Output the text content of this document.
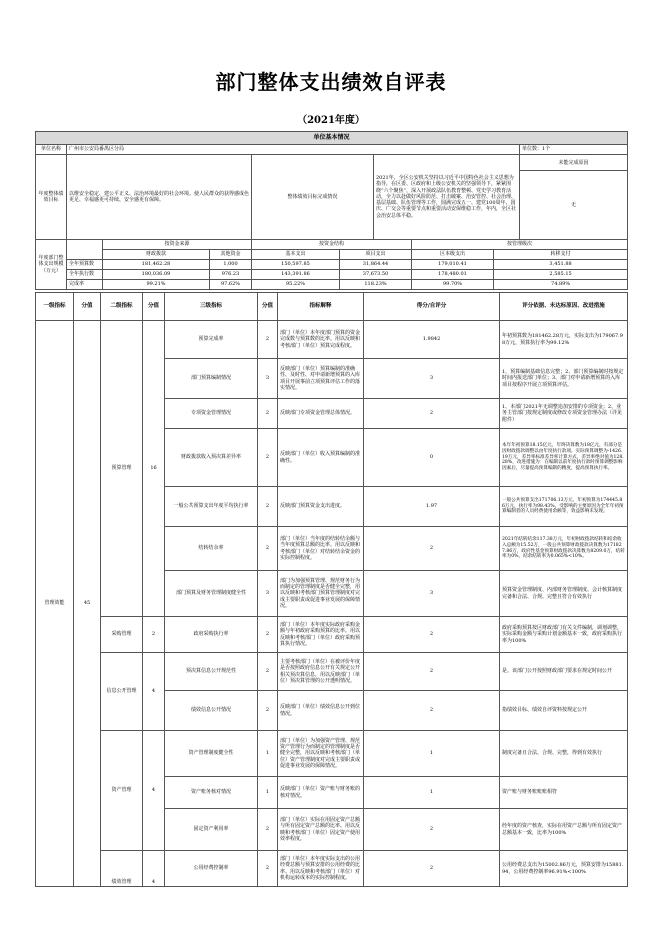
部门整体支出绩效自评表
（2021年度）
单位基本情况									
单位名称	广州市公安局番禺区分局								单位数：1个
年度整体绩效目标	以维安全稳定、建公平正义、法治环境最好的社会环境。使人民群众的获得感成色更足、幸福感更可持续、安全感更有保障。			整体绩效目标完成情况		2021年，全区公安机关坚持以习近平中国特色社会主义思想为指导，在区委、区政府和上级公安机关的坚强领导下，紧紧围绕“六个聚焦”，深入开展政法队伍教育整顿、党史学习教育活动，全力以赴做好风险防范、打击破案、治安管控、社会治理、基层基础、队伍管理等工作，圆满完成五一、建党100周年、国庆、广交会等重要节点和重要活动安保维稳工作，年内，全区社会治安总体平稳。			未能完成原因
无

年度部门整体支出规模（万元）		按资金来源		按资金结构			按管理级次		
		财政拨款	其他资金	基本支出	项目支出		区本级支出	转移支付	
	全年预算数	181,462.28	1,000	150,597.85	31,864.44		179,010.41	3,451.88	
	全年执行数	180,036.09	976.23	143,391.86	37,673.50		178,480.01	2,585.15	
	完成率	99.21%	97.62%	95.22%	118.23%		99.70%	74.89%	
一级指标	分值	二级指标	分值	三级指标	分值	指标解释	得分/自评分	评分依据、未达标原因、改进措施
管理效能	45	预算管理	16	预算完成率	2	部门（单位）本年度部门预算的资金完成数与预算数的比率。用以反映和考核部门（单位）预算完成程度。	1.9842	年初预算数为181462.28万元，实际支出为179067.98万元，预算执行率为99.12%
				部门预算编制情况	3	反映部门（单位）预算编制的准确性、及时性、对申请新增预算的入库项目开展事前立项预算评估工作的落实情况。	3	1、预算编制基础信息完整；2、部门预算编制时按规定时间内报送部门单位；3、部门对申请新增预算的入库项目按程序开展立项预算评估。
				专项资金管理情况	2	反映部门专项资金管理总体情况。	2	1、本部门2021年无调整追加安排的专项资金；2、业务主管部门按规定制度或修改专项资金管理办法（详见附件）
				财政拨款收入预决算差异率	2	反映部门（单位）收入预算编制的准确性。	0	本年年初预算18.15亿元，年终决算数为18亿元，有部分是因财政拨款调整以由年度执行款项。实际预算调整为-1426.19万元，差异率标准差异率计算方式，差异率绝对值为128.28%，改进措施为：在编制以前年度执行款时预算调整影响因素后，尽量提高预算编制的精度，提高预算执行率。
				一般公共预算支出年度平均执行率	2	反映部门预算资金支出进度。	1.97	一般公共预算支出171706.13万元，年初预算为174445.86万元，执行率为98.43%，受影响的主要原因为全年年初预算编制者的人员经费使用余额等，效益影响未发现。
				结转结余率	2	部门（单位）当年度的结转结余额与当年度预算总额的比率。用以反映和考核部门（单位）对结转结余资金的实际控制程度。	2	2021年结转结余117.38万元，年初财政拨款结转和结余收入总额为15.52万，一般公共预算财政拨款决算数为171827.86万，政府性基金预算财政拨款决算数为8209.0万，结转率为0%，结余结转率为0.065%<10%。
				部门预算及财务管理制度健全性	3	部门为加强预算管理、规范财务行为而制定的管理制度是否健全完整，用以反映和考核部门预算管理制度对完成主要职责或促进事业发展的保障情况。	3	预算资金管理制度、内部财务管理制度、会计核算制度完备和合法、合规、完整且符合有效执行
		采购管理	2	政府采购执行率	2	部门（单位）本年度实际政府采购金额与年初政府采购预算的比率。用以反映和考核部门（单位）政府采购预算执行情况。	2	政府采购预算按区财政部门有关文件编制，调剂调整，实际采购金额与采购计划金额基本一致，政府采购执行率为100%
		信息公开管理	4	预决算信息公开规范性	2	主要考核部门（单位）在被评价年度是否按照政府信息公开有关规定公开相关预决算信息，用以反映部门（单位）预决算管理的公开透明情况。	2	是。该部门公开按照财政部门要求在规定时间公开
				绩效信息公开情况	2	反映部门（单位）绩效信息公开到位情况。	2	指绩效目标、绩效自评资料按规定公开
		资产管理	4	资产管理制度健全性	1	部门（单位）为加强资产管理、规范资产管理行为而制定的管理制度是否健全完整，用以反映和考核部门（单位）资产管理制度对完成主要职责或促进事业发展的保障情况。	1	制度完备且合法、合规、完整，得到有效执行
				资产账务核对情况	1	反映部门（单位）资产账与财务账的核对情况。	1	资产账与财务账账账相符
				固定资产利用率	2	部门（单位）实际在用固定资产总额与所有固定资产总额的比率。用以反映和考核部门（单位）固定资产使用效率程度。	2	经年度的资产核查，实际在用资产总额与所有固定资产总额基本一致，比率为100%
		绩效管理	4	公用经费控制率	2	部门（单位）本年度实际支出的公用经费总额与预算安排的公用经费的比率。用以反映和考核部门（单位）对机构运转成本的实际控制程度。	2	公用经费总支出为15002.86万元，预算安排为15881.94，公用经费控制率96.91%<100%
